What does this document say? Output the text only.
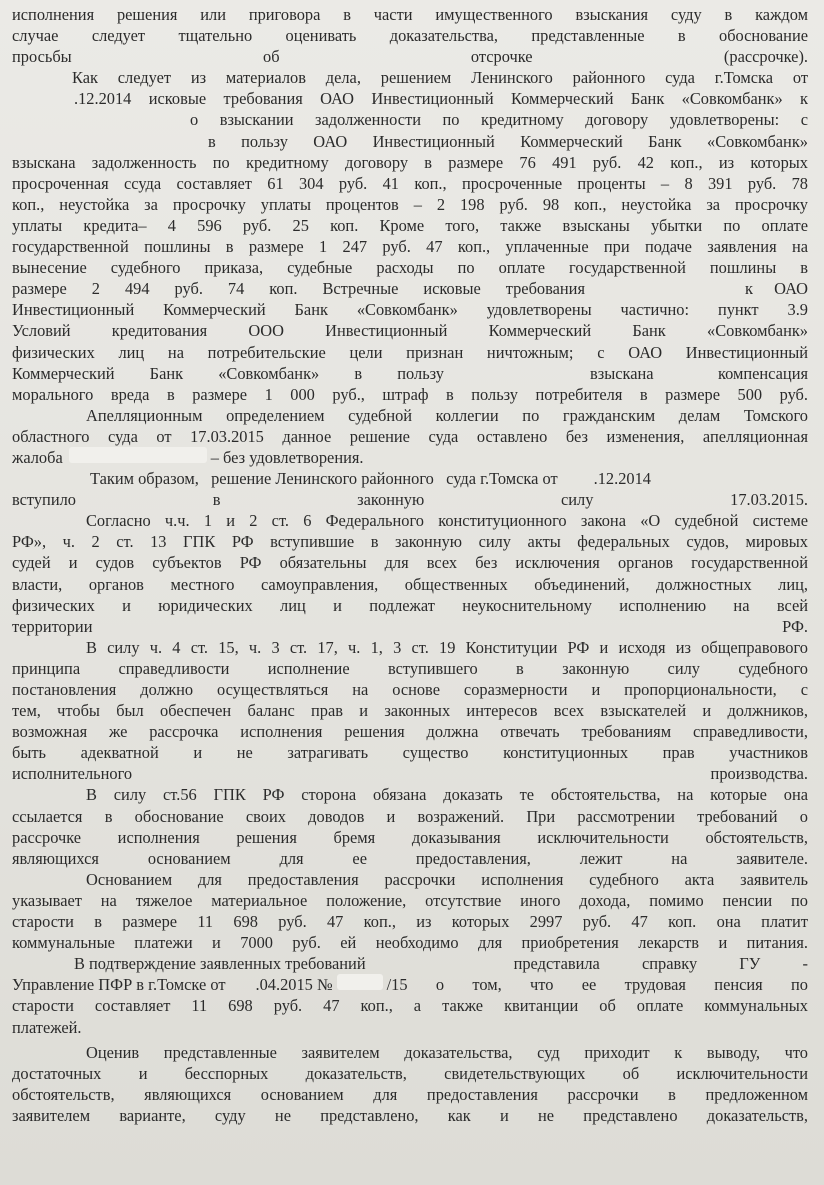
исполнения решения или приговора в части имущественного взыскания суду в каждом
случае следует тщательно оценивать доказательства, представленные в обоснование
просьбы об отсрочке (рассрочке).

Как следует из материалов дела, решением Ленинского районного суда г.Томска от
.12.2014 исковые требования ОАО Инвестиционный Коммерческий Банк «Совкомбанк» к
о взыскании задолженности по кредитному договору удовлетворены: с
в пользу ОАО Инвестиционный Коммерческий Банк «Совкомбанк»
взыскана задолженность по кредитному договору в размере 76 491 руб. 42 коп., из которых
просроченная ссуда составляет 61 304 руб. 41 коп., просроченные проценты – 8 391 руб. 78
коп., неустойка за просрочку уплаты процентов – 2 198 руб. 98 коп., неустойка за просрочку
уплаты кредита– 4 596 руб. 25 коп. Кроме того, также взысканы убытки по оплате
государственной пошлины в размере 1 247 руб. 47 коп., уплаченные при подаче заявления на
вынесение судебного приказа, судебные расходы по оплате государственной пошлины в
размере 2 494 руб. 74 коп. Встречные исковые требования	к ОАО
Инвестиционный Коммерческий Банк «Совкомбанк» удовлетворены частично: пункт 3.9
Условий кредитования ООО Инвестиционный Коммерческий Банк «Совкомбанк»
физических лиц на потребительские цели признан ничтожным; с ОАО Инвестиционный
Коммерческий Банк «Совкомбанк» в пользу	взыскана компенсация
морального вреда в размере 1 000 руб., штраф в пользу потребителя в размере 500 руб.

Апелляционным определением судебной коллегии по гражданским делам Томского
областного суда от 17.03.2015 данное решение суда оставлено без изменения, апелляционная
жалоба	– без удовлетворения.

Таким образом,   решение Ленинского районного   суда г.Томска от .12.2014
вступило в законную силу 17.03.2015.

Согласно ч.ч. 1 и 2 ст. 6 Федерального конституционного закона «О судебной системе
РФ», ч. 2 ст. 13 ГПК РФ вступившие в законную силу акты федеральных судов, мировых
судей и судов субъектов РФ обязательны для всех без исключения органов государственной
власти, органов местного самоуправления, общественных объединений, должностных лиц,
физических и юридических лиц и подлежат неукоснительному исполнению на всей
территории РФ.

В силу ч. 4 ст. 15, ч. 3 ст. 17, ч. 1, 3 ст. 19 Конституции РФ и исходя из общеправового
принципа справедливости исполнение вступившего в законную силу судебного
постановления должно осуществляться на основе соразмерности и пропорциональности, с
тем, чтобы был обеспечен баланс прав и законных интересов всех взыскателей и должников,
возможная же рассрочка исполнения решения должна отвечать требованиям справедливости,
быть адекватной и не затрагивать существо конституционных прав участников
исполнительного производства.

В силу ст.56 ГПК РФ сторона обязана доказать те обстоятельства, на которые она
ссылается в обоснование своих доводов и возражений. При рассмотрении требований о
рассрочке исполнения решения бремя доказывания исключительности обстоятельств,
являющихся основанием для ее предоставления, лежит на заявителе.

Основанием для предоставления рассрочки исполнения судебного акта заявитель
указывает на тяжелое материальное положение, отсутствие иного дохода, помимо пенсии по
старости в размере 11 698 руб. 47 коп., из которых 2997 руб. 47 коп. она платит
коммунальные платежи и 7000 руб. ей необходимо для приобретения лекарств и питания.

В подтверждение заявленных требований	представила справку ГУ -
Управление ПФР в г.Томске от .04.2015 №	/15 о том, что ее трудовая пенсия по
старости составляет 11 698 руб. 47 коп., а также квитанции об оплате коммунальных
платежей.

Оценив представленные заявителем доказательства, суд приходит к выводу, что
достаточных и бесспорных доказательств, свидетельствующих об исключительности
обстоятельств, являющихся основанием для предоставления рассрочки в предложенном
заявителем варианте, суду не представлено, как и не представлено доказательств,
